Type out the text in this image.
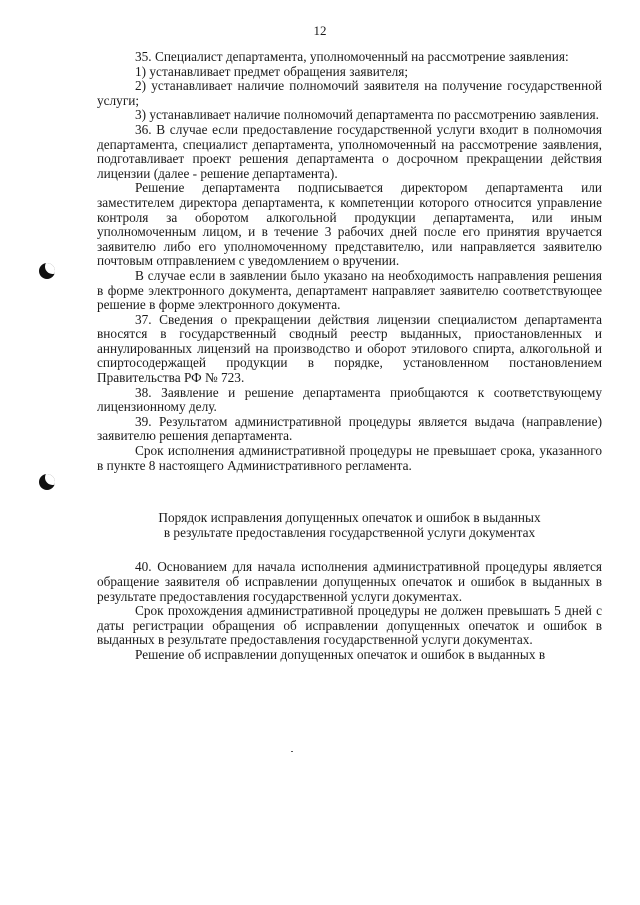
12

35. Специалист департамента, уполномоченный на рассмотрение заявления:

1) устанавливает предмет обращения заявителя;

2) устанавливает наличие полномочий заявителя на получение государственной услуги;

3) устанавливает наличие полномочий департамента по рассмотрению заявления.

36. В случае если предоставление государственной услуги входит в полномочия департамента, специалист департамента, уполномоченный на рассмотрение заявления, подготавливает проект решения департамента о досрочном прекращении действия лицензии (далее - решение департамента).

Решение департамента подписывается директором департамента или заместителем директора департамента, к компетенции которого относится управление контроля за оборотом алкогольной продукции департамента, или иным уполномоченным лицом, и в течение 3 рабочих дней после его принятия вручается заявителю либо его уполномоченному представителю, или направляется заявителю почтовым отправлением с уведомлением о вручении.

В случае если в заявлении было указано на необходимость направления решения в форме электронного документа, департамент направляет заявителю соответствующее решение в форме электронного документа.

37. Сведения о прекращении действия лицензии специалистом департамента вносятся в государственный сводный реестр выданных, приостановленных и аннулированных лицензий на производство и оборот этилового спирта, алкогольной и спиртосодержащей продукции в порядке, установленном постановлением Правительства РФ № 723.

38. Заявление и решение департамента приобщаются к соответствующему лицензионному делу.

39. Результатом административной процедуры является выдача (направление) заявителю решения департамента.

Срок исполнения административной процедуры не превышает срока, указанного в пункте 8 настоящего Административного регламента.

Порядок исправления допущенных опечаток и ошибок в выданных
в результате предоставления государственной услуги документах

40. Основанием для начала исполнения административной процедуры является обращение заявителя об исправлении допущенных опечаток и ошибок в выданных в результате предоставления государственной услуги документах.

Срок прохождения административной процедуры не должен превышать 5 дней с даты регистрации обращения об исправлении допущенных опечаток и ошибок в выданных в результате предоставления государственной услуги документах.

Решение об исправлении допущенных опечаток и ошибок в выданных в
